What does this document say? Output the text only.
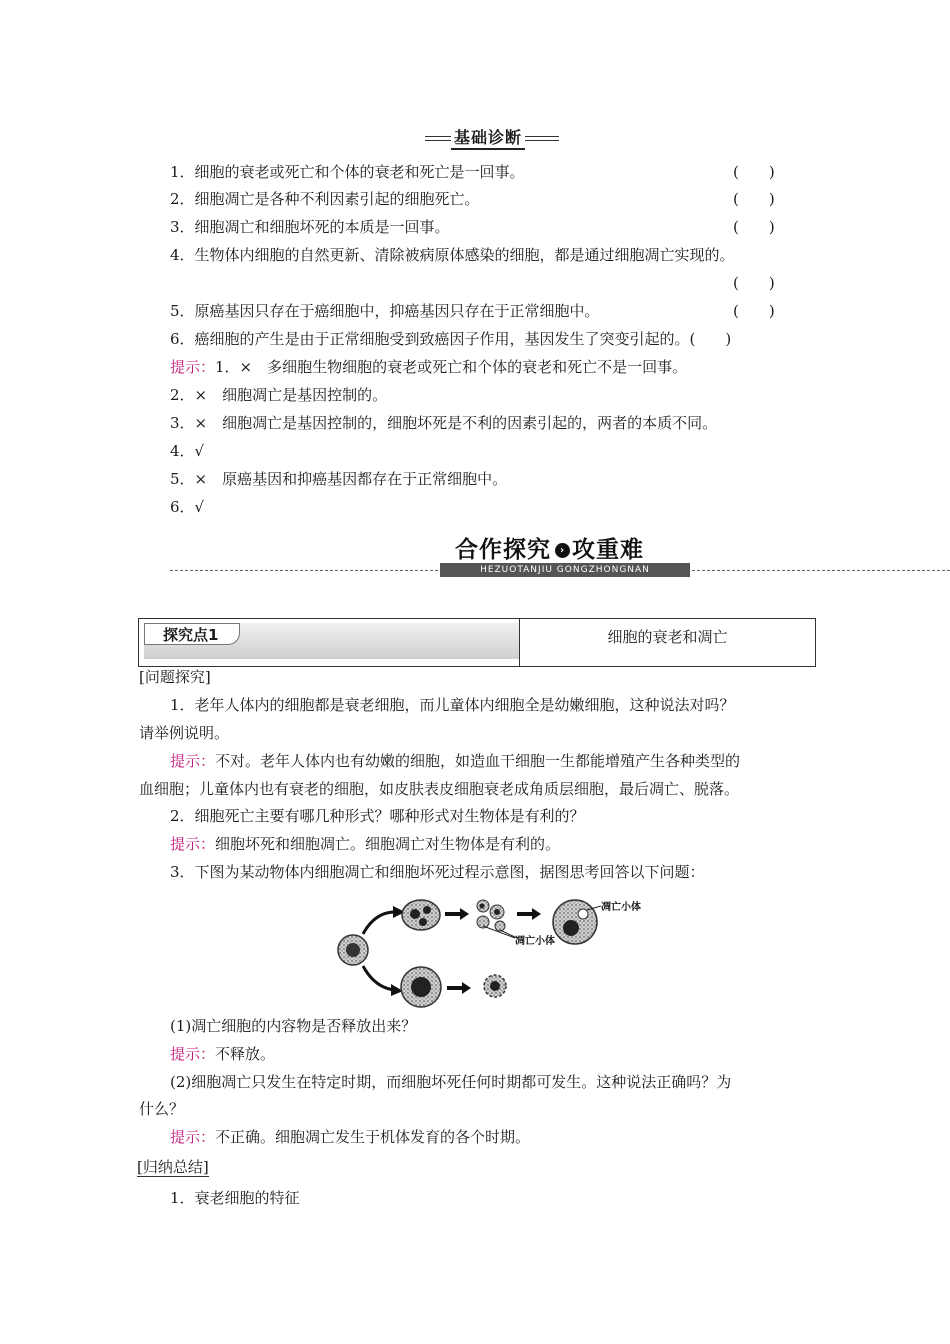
基础诊断
1．细胞的衰老或死亡和个体的衰老和死亡是一回事。	(　　)
2．细胞凋亡是各种不利因素引起的细胞死亡。	(　　)
3．细胞凋亡和细胞坏死的本质是一回事。	(　　)
4．生物体内细胞的自然更新、清除被病原体感染的细胞，都是通过细胞凋亡实现的。
(　　)
5．原癌基因只存在于癌细胞中，抑癌基因只存在于正常细胞中。	(　　)
6．癌细胞的产生是由于正常细胞受到致癌因子作用，基因发生了突变引起的。(　　)
提示：1．×　多细胞生物细胞的衰老或死亡和个体的衰老和死亡不是一回事。
2．×　细胞凋亡是基因控制的。
3．×　细胞凋亡是基因控制的，细胞坏死是不利的因素引起的，两者的本质不同。
4．√
5．×　原癌基因和抑癌基因都存在于正常细胞中。
6．√
合作探究 › 攻重难
HEZUOTANJIU GONGZHONGNAN
探究点1	细胞的衰老和凋亡
[问题探究]
1．老年人体内的细胞都是衰老细胞，而儿童体内细胞全是幼嫩细胞，这种说法对吗？
请举例说明。
提示：不对。老年人体内也有幼嫩的细胞，如造血干细胞一生都能增殖产生各种类型的
血细胞；儿童体内也有衰老的细胞，如皮肤表皮细胞衰老成角质层细胞，最后凋亡、脱落。
2．细胞死亡主要有哪几种形式？哪种形式对生物体是有利的？
提示：细胞坏死和细胞凋亡。细胞凋亡对生物体是有利的。
3．下图为某动物体内细胞凋亡和细胞坏死过程示意图，据图思考回答以下问题：
凋亡小体
凋亡小体
(1)凋亡细胞的内容物是否释放出来？
提示：不释放。
(2)细胞凋亡只发生在特定时期，而细胞坏死任何时期都可发生。这种说法正确吗？为
什么？
提示：不正确。细胞凋亡发生于机体发育的各个时期。
[归纳总结]
1．衰老细胞的特征
